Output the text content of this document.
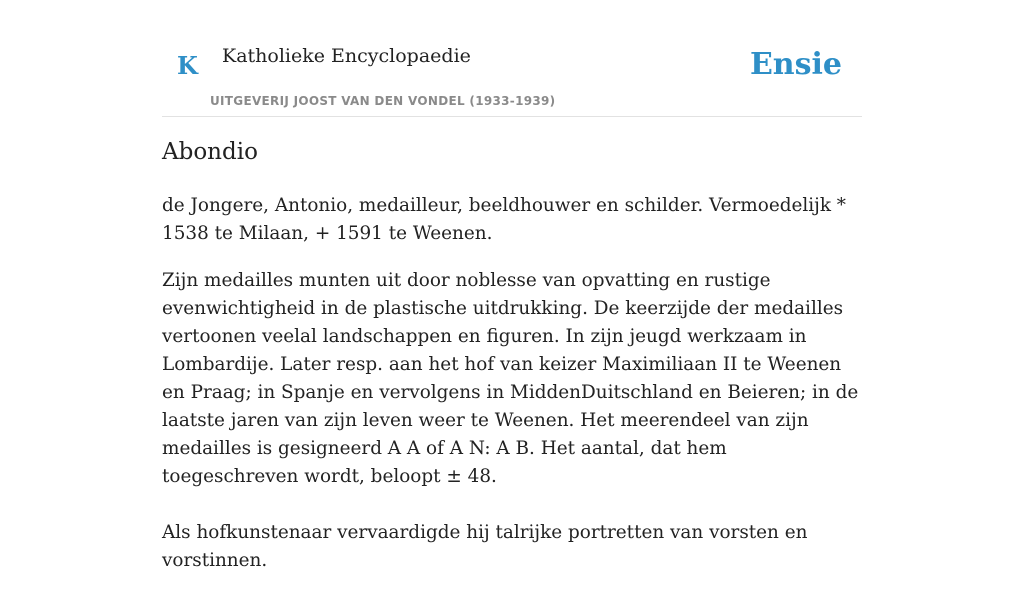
K Katholieke Encyclopaedie
UITGEVERIJ JOOST VAN DEN VONDEL (1933-1939)
Ensie
Abondio

de Jongere, Antonio, medailleur, beeldhouwer en schilder. Vermoedelijk * 1538 te Milaan, + 1591 te Weenen.

Zijn medailles munten uit door noblesse van opvatting en rustige evenwichtigheid in de plastische uitdrukking. De keerzijde der medailles vertoonen veelal landschappen en figuren. In zijn jeugd werkzaam in Lombardije. Later resp. aan het hof van keizer Maximiliaan II te Weenen en Praag; in Spanje en vervolgens in MiddenDuitschland en Beieren; in de laatste jaren van zijn leven weer te Weenen. Het meerendeel van zijn medailles is gesigneerd A A of A N: A B. Het aantal, dat hem toegeschreven wordt, beloopt ± 48.

Als hofkunstenaar vervaardigde hij talrijke portretten van vorsten en vorstinnen.
